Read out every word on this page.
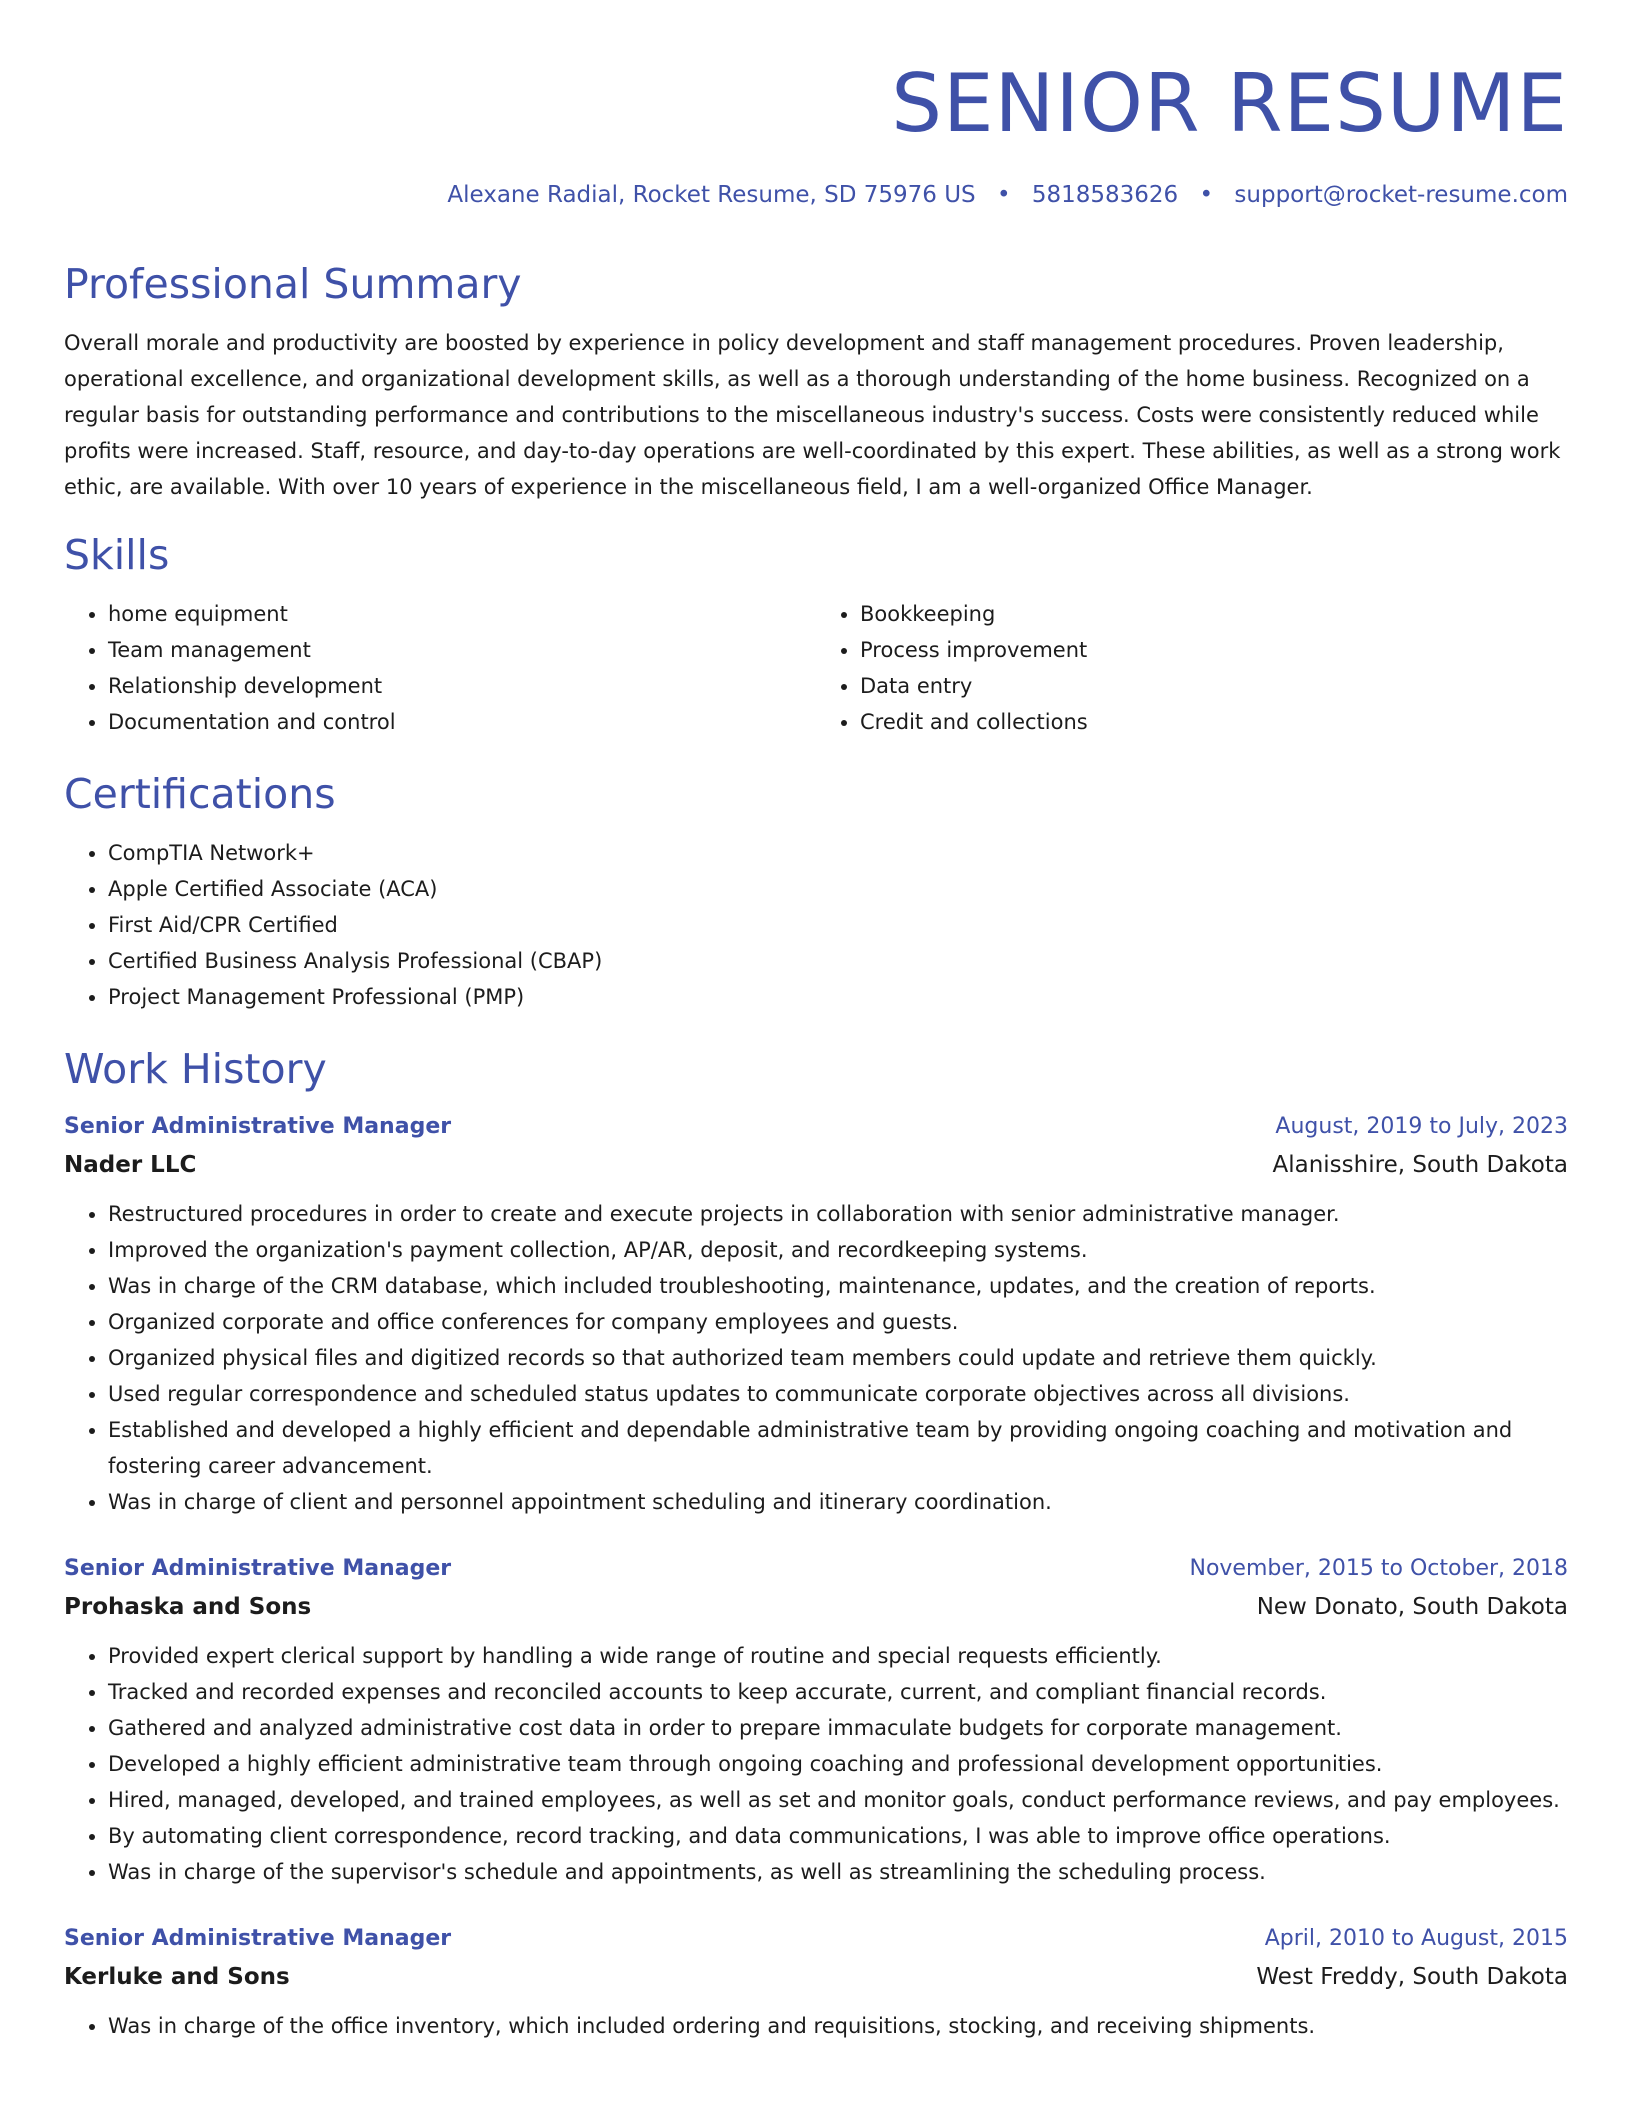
SENIOR RESUME
Alexane Radial, Rocket Resume, SD 75976 US • 5818583626 • support@rocket-resume.com
Professional Summary

Overall morale and productivity are boosted by experience in policy development and staff management procedures. Proven leadership, operational excellence, and organizational development skills, as well as a thorough understanding of the home business. Recognized on a regular basis for outstanding performance and contributions to the miscellaneous industry's success. Costs were consistently reduced while profits were increased. Staff, resource, and day-to-day operations are well-coordinated by this expert. These abilities, as well as a strong work ethic, are available. With over 10 years of experience in the miscellaneous field, I am a well-organized Office Manager.

Skills
• home equipment
• Team management
• Relationship development
• Documentation and control
• Bookkeeping
• Process improvement
• Data entry
• Credit and collections
Certifications
• CompTIA Network+
• Apple Certified Associate (ACA)
• First Aid/CPR Certified
• Certified Business Analysis Professional (CBAP)
• Project Management Professional (PMP)
Work History
Senior Administrative Manager	August, 2019 to July, 2023
Nader LLC	Alanisshire, South Dakota
• Restructured procedures in order to create and execute projects in collaboration with senior administrative manager.
• Improved the organization's payment collection, AP/AR, deposit, and recordkeeping systems.
• Was in charge of the CRM database, which included troubleshooting, maintenance, updates, and the creation of reports.
• Organized corporate and office conferences for company employees and guests.
• Organized physical files and digitized records so that authorized team members could update and retrieve them quickly.
• Used regular correspondence and scheduled status updates to communicate corporate objectives across all divisions.
• Established and developed a highly efficient and dependable administrative team by providing ongoing coaching and motivation and fostering career advancement.
• Was in charge of client and personnel appointment scheduling and itinerary coordination.
Senior Administrative Manager	November, 2015 to October, 2018
Prohaska and Sons	New Donato, South Dakota
• Provided expert clerical support by handling a wide range of routine and special requests efficiently.
• Tracked and recorded expenses and reconciled accounts to keep accurate, current, and compliant financial records.
• Gathered and analyzed administrative cost data in order to prepare immaculate budgets for corporate management.
• Developed a highly efficient administrative team through ongoing coaching and professional development opportunities.
• Hired, managed, developed, and trained employees, as well as set and monitor goals, conduct performance reviews, and pay employees.
• By automating client correspondence, record tracking, and data communications, I was able to improve office operations.
• Was in charge of the supervisor's schedule and appointments, as well as streamlining the scheduling process.
Senior Administrative Manager	April, 2010 to August, 2015
Kerluke and Sons	West Freddy, South Dakota
• Was in charge of the office inventory, which included ordering and requisitions, stocking, and receiving shipments.
